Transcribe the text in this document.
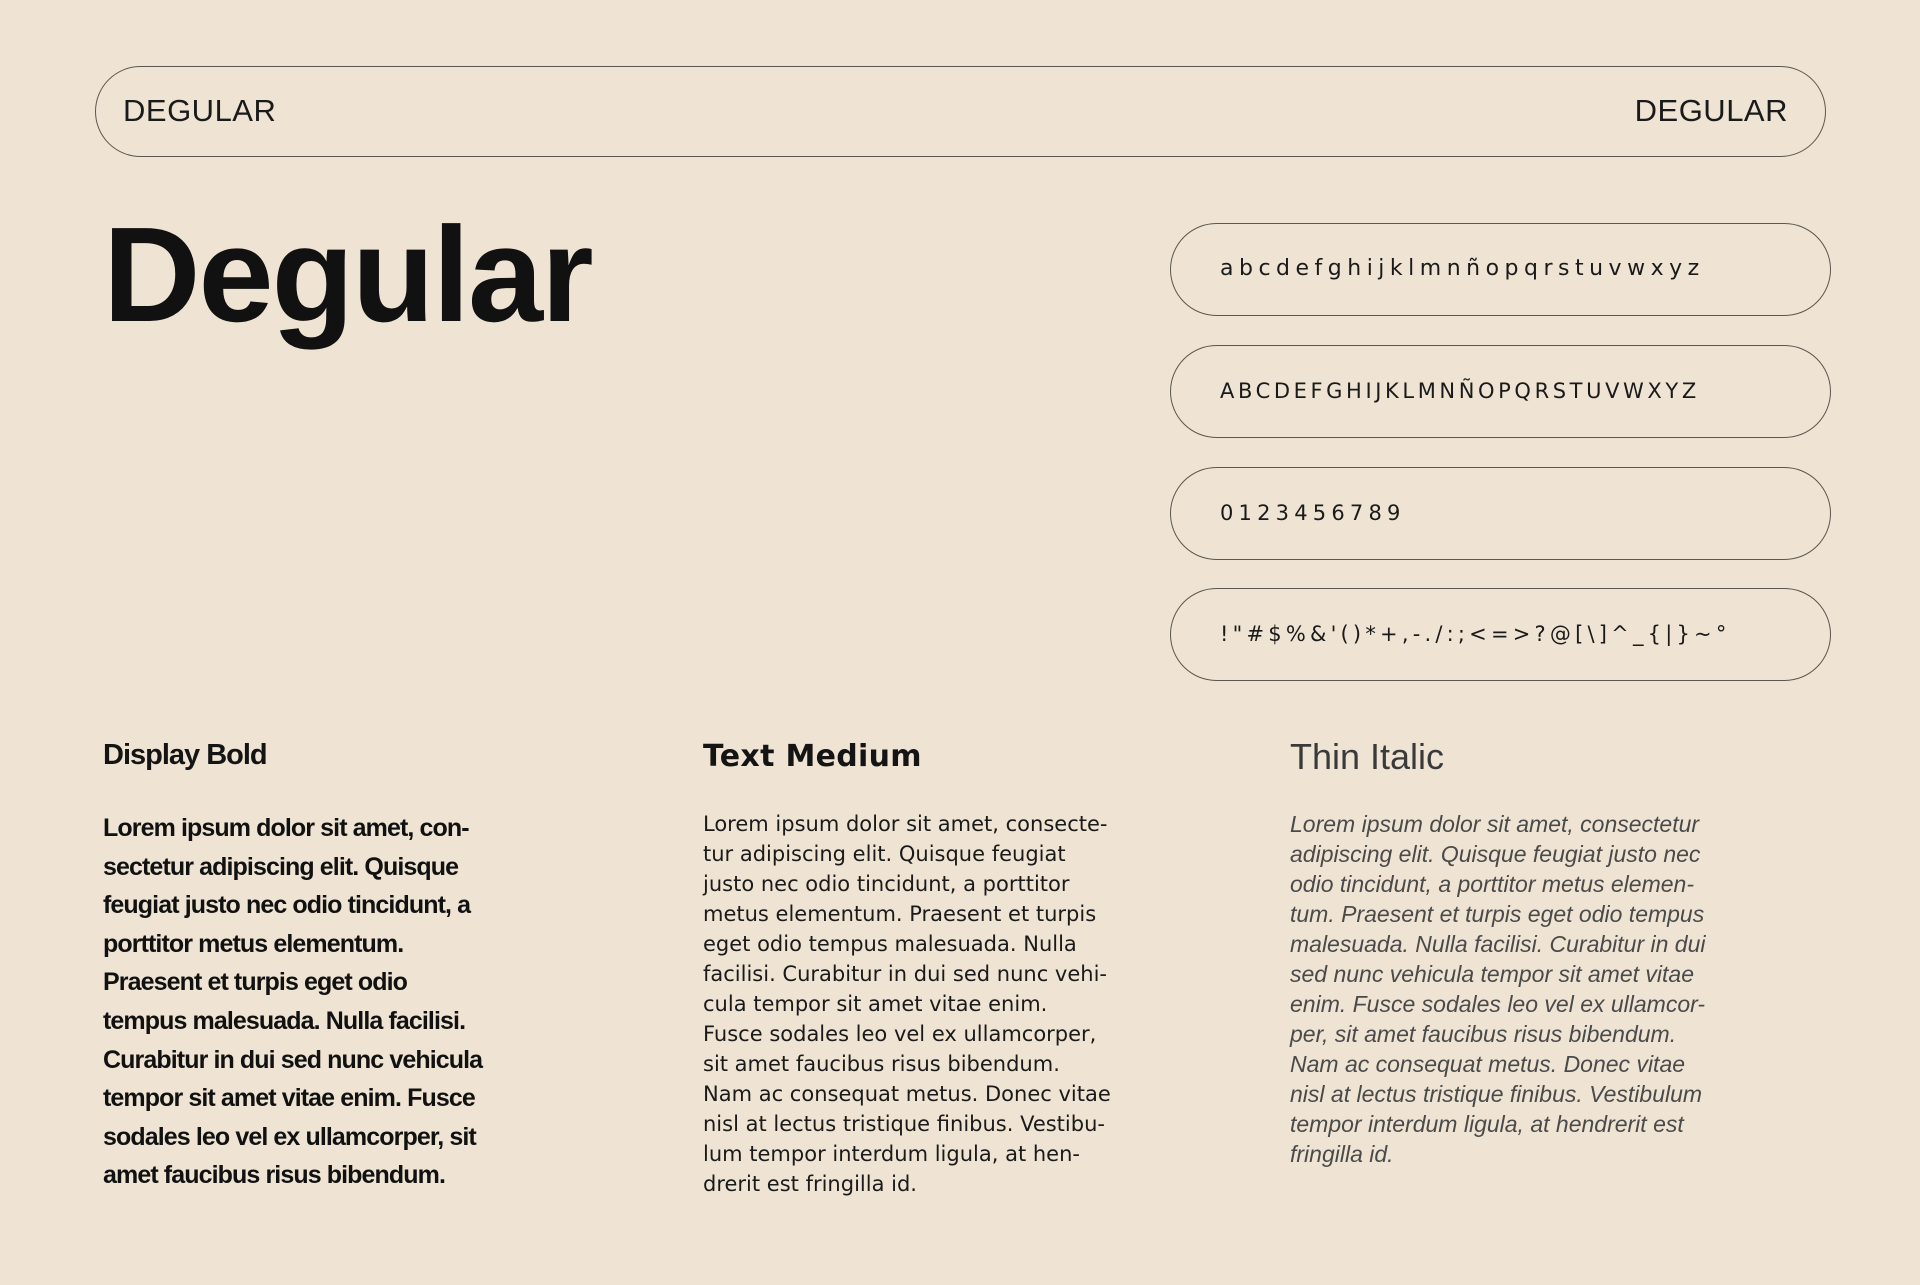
DEGULAR	DEGULAR
Degular	abcdefghijklmnñopqrstuvwxyz
ABCDEFGHIJKLMNÑOPQRSTUVWXYZ
0123456789
!"#$%&'()*+,-./:;<=>?@[\]^_{|}~°
Display Bold

Lorem ipsum dolor sit amet, con-
sectetur adipiscing elit. Quisque
feugiat justo nec odio tincidunt, a
porttitor metus elementum.
Praesent et turpis eget odio
tempus malesuada. Nulla facilisi.
Curabitur in dui sed nunc vehicula
tempor sit amet vitae enim. Fusce
sodales leo vel ex ullamcorper, sit
amet faucibus risus bibendum.

Text Medium

Lorem ipsum dolor sit amet, consecte-
tur adipiscing elit. Quisque feugiat
justo nec odio tincidunt, a porttitor
metus elementum. Praesent et turpis
eget odio tempus malesuada. Nulla
facilisi. Curabitur in dui sed nunc vehi-
cula tempor sit amet vitae enim.
Fusce sodales leo vel ex ullamcorper,
sit amet faucibus risus bibendum.
Nam ac consequat metus. Donec vitae
nisl at lectus tristique finibus. Vestibu-
lum tempor interdum ligula, at hen-
drerit est fringilla id.

Thin Italic

Lorem ipsum dolor sit amet, consectetur
adipiscing elit. Quisque feugiat justo nec
odio tincidunt, a porttitor metus elemen-
tum. Praesent et turpis eget odio tempus
malesuada. Nulla facilisi. Curabitur in dui
sed nunc vehicula tempor sit amet vitae
enim. Fusce sodales leo vel ex ullamcor-
per, sit amet faucibus risus bibendum.
Nam ac consequat metus. Donec vitae
nisl at lectus tristique finibus. Vestibulum
tempor interdum ligula, at hendrerit est
fringilla id.
